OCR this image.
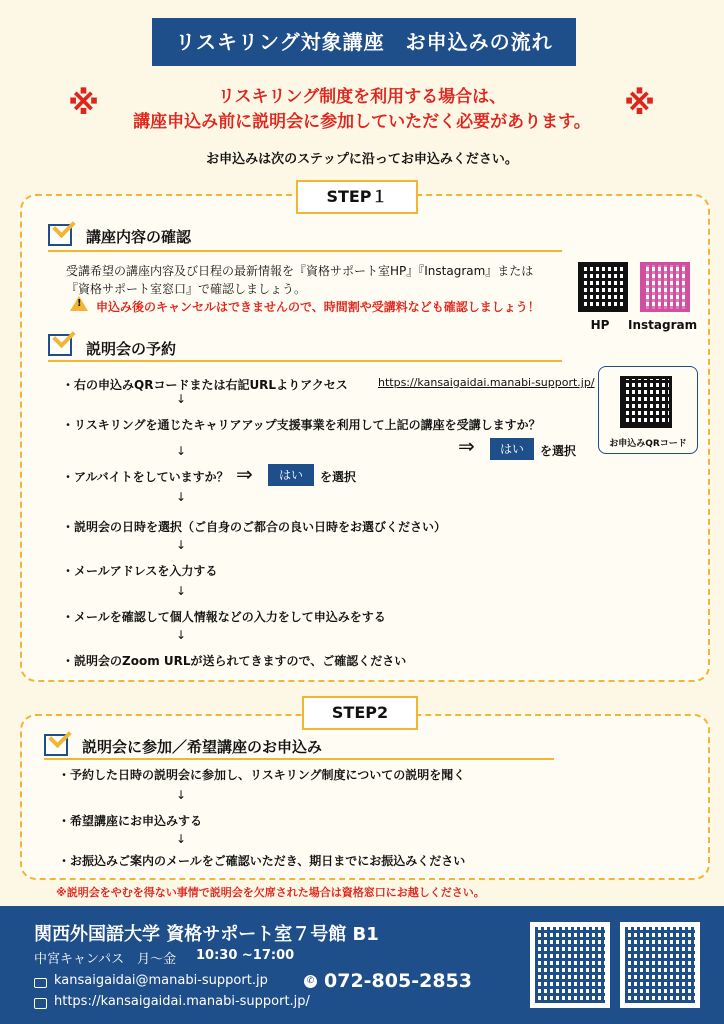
リスキリング対象講座　お申込みの流れ
※	※
リスキリング制度を利用する場合は、
講座申込み前に説明会に参加していただく必要があります。
お申込みは次のステップに沿ってお申込みください。
STEP１
講座内容の確認
受講希望の講座内容及び日程の最新情報を『資格サポート室HP』『Instagram』または
『資格サポート室窓口』で確認しましょう。
! 申込み後のキャンセルはできませんので、時間割や受講料なども確認しましょう！
HP	Instagram
説明会の予約
・右の申込みQRコードまたは右記URLよりアクセス	https://kansaigaidai.manabi-support.jp/
↓
・リスキリングを通じたキャリアアップ支援事業を利用して上記の講座を受講しますか？
⇒	はい	を選択
↓	お申込みQRコード
・アルバイトをしていますか？ ⇒	はい	を選択
↓
・説明会の日時を選択（ご自身のご都合の良い日時をお選びください）
↓
・メールアドレスを入力する
↓
・メールを確認して個人情報などの入力をして申込みをする
↓
・説明会のZoom URLが送られてきますので、ご確認ください
STEP2
説明会に参加／希望講座のお申込み
・予約した日時の説明会に参加し、リスキリング制度についての説明を聞く
↓
・希望講座にお申込みする
↓
・お振込みご案内のメールをご確認いただき、期日までにお振込みください
※説明会をやむを得ない事情で説明会を欠席された場合は資格窓口にお越しください。
関西外国語大学 資格サポート室７号館 B1
中宮キャンパス　月〜金 10:30 ~17:00
kansaigaidai@manabi-support.jp	✆ 072-805-2853
https://kansaigaidai.manabi-support.jp/
